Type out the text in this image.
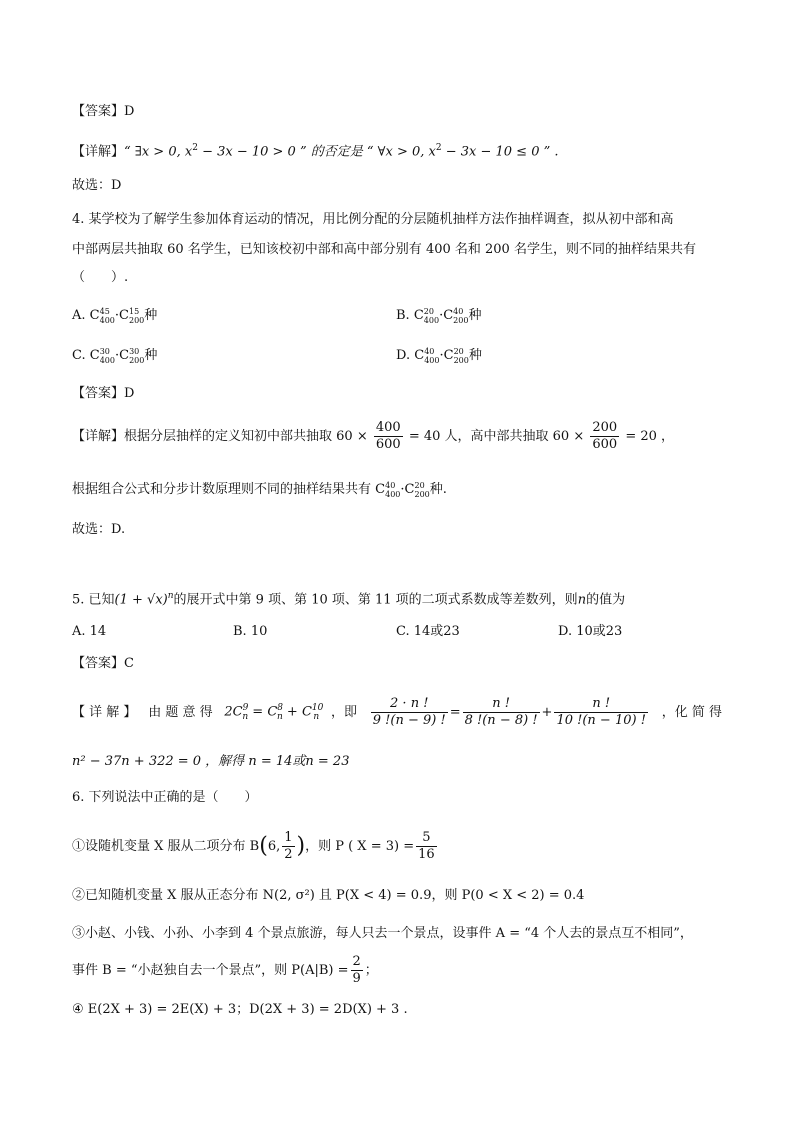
【答案】D
【详解】“ ∃x > 0, $x^2 - 3x - 10 > 0$ ” 的否定是 “ ∀x > 0, $x^2 - 3x - 10 \le 0$ ” .
故选：D
4. 某学校为了解学生参加体育运动的情况，用比例分配的分层随机抽样方法作抽样调查，拟从初中部和高
中部两层共抽取 60 名学生，已知该校初中部和高中部分别有 400 名和 200 名学生，则不同的抽样结果共有
（　　）.
A. C 45
400 ·C 15
200 种	B. C 20
400 ·C 40
200 种
C. C 30
400 ·C 30
200 种	D. C 40
400 ·C 20
200 种
【答案】D
【详解】根据分层抽样的定义知初中部共抽取 $60 \times \frac{400}{600} = 40$ 人，高中部共抽取 $60 \times \frac{200}{600} = 20$ ，
根据组合公式和分步计数原理则不同的抽样结果共有 C 40
400 ·C 20
200 种.
故选：D.
5. 已知$(1 + √x)^n$的展开式中第 9 项、第 10 项、第 11 项的二项式系数成等差数列，则n的值为
A. 14	B. 10	C. 14或23	D. 10或23
【答案】C
【 详 解 】 由 题 意 得 $2C^9_n = C^8_n + C^{10}_n$ ，即 $\frac{2 \cdot n !}{9 !(n - 9) !} = \frac{n !}{8 !(n - 8) !} + \frac{n !}{10 !(n - 10) !}$ ，化 简 得
n² − 37n + 322 = 0 ，解得 n = 14或n = 23
6. 下列说法中正确的是（　　）
①设随机变量 X 服从二项分布 B(6, $\frac{1}{2}$ )，则 P ( $X = 3) = \frac{5}{16}$
②已知随机变量 X 服从正态分布 N(2, σ²) 且 P(X < 4) = 0.9，则 P(0 < X < 2) = 0.4
③小赵、小钱、小孙、小李到 4 个景点旅游，每人只去一个景点，设事件 A = “4 个人去的景点互不相同”，
事件 B = “小赵独自去一个景点”，则 $P(A|B) = \frac{2}{9}$ ；
④ E(2X + 3) = 2E(X) + 3；D(2X + 3) = 2D(X) + 3 .
